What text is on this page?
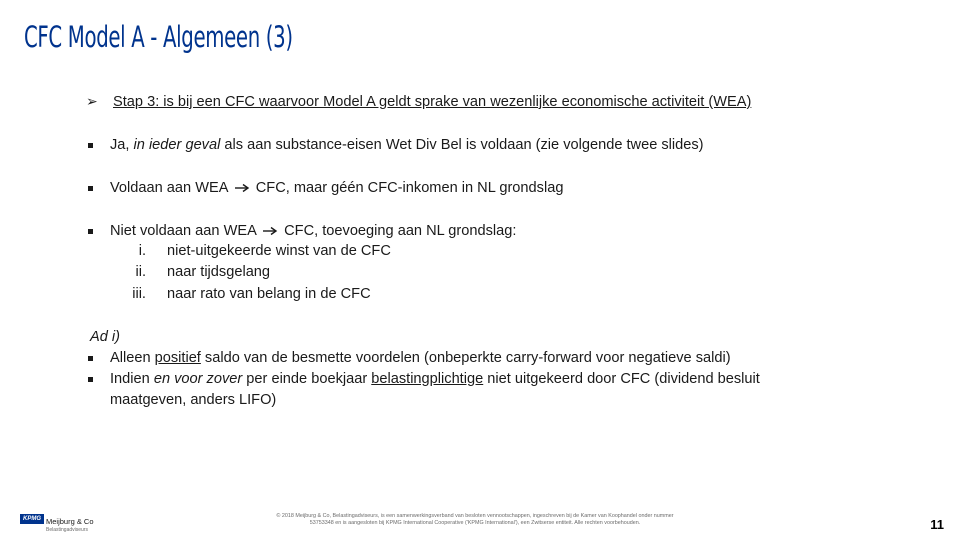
CFC Model A - Algemeen (3)
➢ Stap 3: is bij een CFC waarvoor Model A geldt sprake van wezenlijke economische activiteit (WEA)
Ja, in ieder geval als aan substance-eisen Wet Div Bel is voldaan (zie volgende twee slides)
Voldaan aan WEA  CFC, maar géén CFC-inkomen in NL grondslag
Niet voldaan aan WEA  CFC, toevoeging aan NL grondslag:
i. niet-uitgekeerde winst van de CFC
ii. naar tijdsgelang
iii. naar rato van belang in de CFC
Ad i)
Alleen positief saldo van de besmette voordelen (onbeperkte carry-forward voor negatieve saldi)
Indien en voor zover per einde boekjaar belastingplichtige niet uitgekeerd door CFC (dividend besluit
maatgeven, anders LIFO)
KPMG Meijburg & Co
Belastingadviseurs
© 2018 Meijburg & Co, Belastingadviseurs, is een samenwerkingsverband van besloten vennootschappen, ingeschreven bij de Kamer van Koophandel onder nummer
53753348 en is aangesloten bij KPMG International Cooperative ('KPMG International'), een Zwitserse entiteit. Alle rechten voorbehouden.	11
